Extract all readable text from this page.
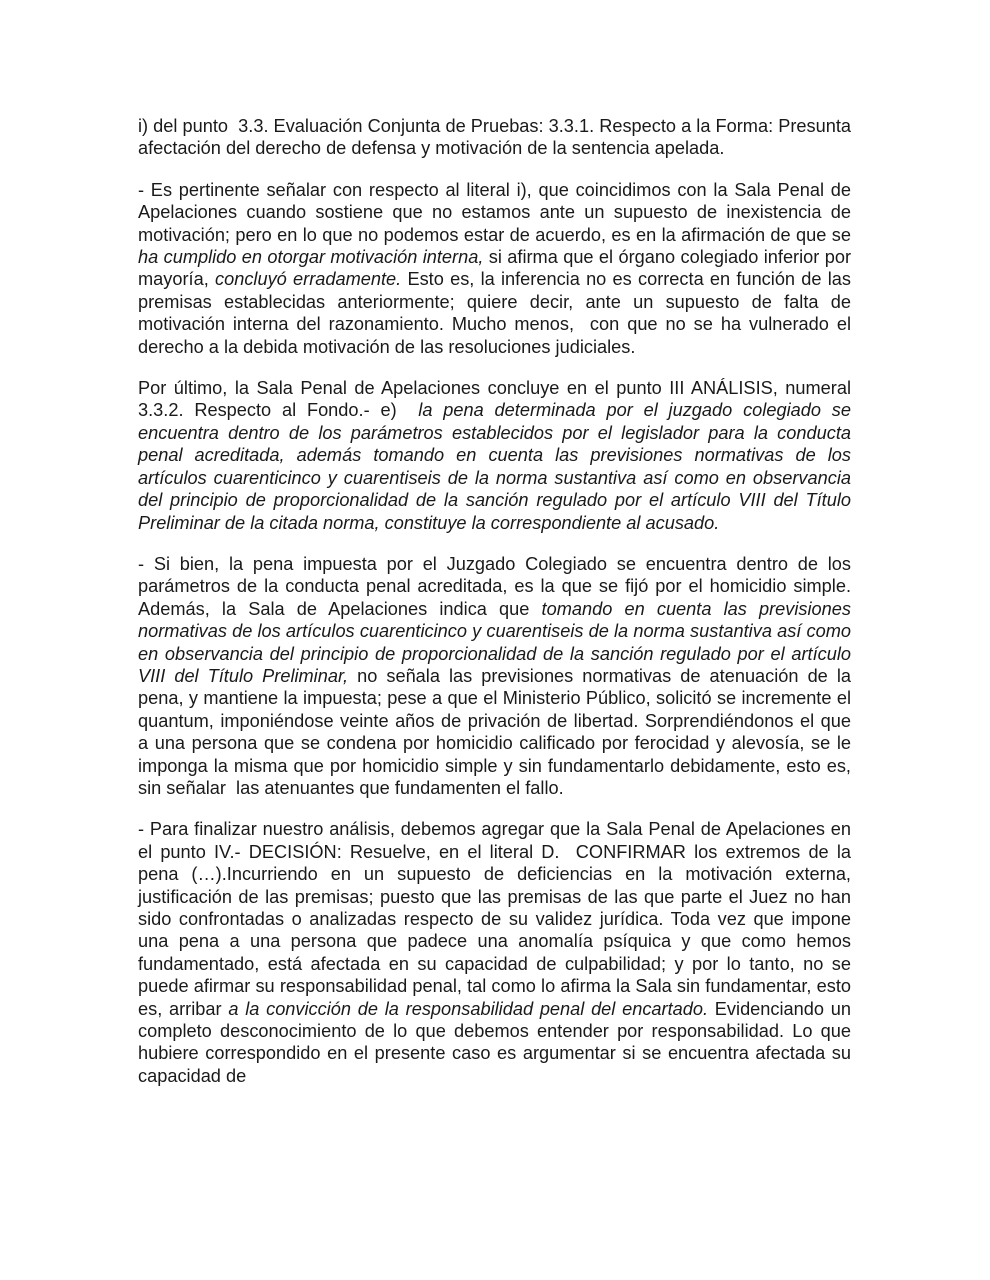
i) del punto  3.3. Evaluación Conjunta de Pruebas: 3.3.1. Respecto a la Forma: Presunta afectación del derecho de defensa y motivación de la sentencia apelada.

- Es pertinente señalar con respecto al literal i), que coincidimos con la Sala Penal de Apelaciones cuando sostiene que no estamos ante un supuesto de inexistencia de motivación; pero en lo que no podemos estar de acuerdo, es en la afirmación de que se ha cumplido en otorgar motivación interna, si afirma que el órgano colegiado inferior por mayoría, concluyó erradamente. Esto es, la inferencia no es correcta en función de las premisas establecidas anteriormente; quiere decir, ante un supuesto de falta de motivación interna del razonamiento. Mucho menos,  con que no se ha vulnerado el derecho a la debida motivación de las resoluciones judiciales.

Por último, la Sala Penal de Apelaciones concluye en el punto III ANÁLISIS, numeral 3.3.2. Respecto al Fondo.- e)  la pena determinada por el juzgado colegiado se encuentra dentro de los parámetros establecidos por el legislador para la conducta penal acreditada, además tomando en cuenta las previsiones normativas de los artículos cuarenticinco y cuarentiseis de la norma sustantiva así como en observancia del principio de proporcionalidad de la sanción regulado por el artículo VIII del Título Preliminar de la citada norma, constituye la correspondiente al acusado.

- Si bien, la pena impuesta por el Juzgado Colegiado se encuentra dentro de los parámetros de la conducta penal acreditada, es la que se fijó por el homicidio simple. Además, la Sala de Apelaciones indica que tomando en cuenta las previsiones normativas de los artículos cuarenticinco y cuarentiseis de la norma sustantiva así como en observancia del principio de proporcionalidad de la sanción regulado por el artículo VIII del Título Preliminar, no señala las previsiones normativas de atenuación de la pena, y mantiene la impuesta; pese a que el Ministerio Público, solicitó se incremente el quantum, imponiéndose veinte años de privación de libertad. Sorprendiéndonos el que a una persona que se condena por homicidio calificado por ferocidad y alevosía, se le imponga la misma que por homicidio simple y sin fundamentarlo debidamente, esto es, sin señalar  las atenuantes que fundamenten el fallo.

- Para finalizar nuestro análisis, debemos agregar que la Sala Penal de Apelaciones en el punto IV.- DECISIÓN: Resuelve, en el literal D.  CONFIRMAR los extremos de la pena (…).Incurriendo en un supuesto de deficiencias en la motivación externa,  justificación de las premisas; puesto que las premisas de las que parte el Juez no han sido confrontadas o analizadas respecto de su validez jurídica. Toda vez que impone una pena a una persona que padece una anomalía psíquica y que como hemos fundamentado, está afectada en su capacidad de culpabilidad; y por lo tanto, no se puede afirmar su responsabilidad penal, tal como lo afirma la Sala sin fundamentar, esto es, arribar a la convicción de la responsabilidad penal del encartado. Evidenciando un completo desconocimiento de lo que debemos entender por responsabilidad. Lo que hubiere correspondido en el presente caso es argumentar si se encuentra afectada su capacidad de
